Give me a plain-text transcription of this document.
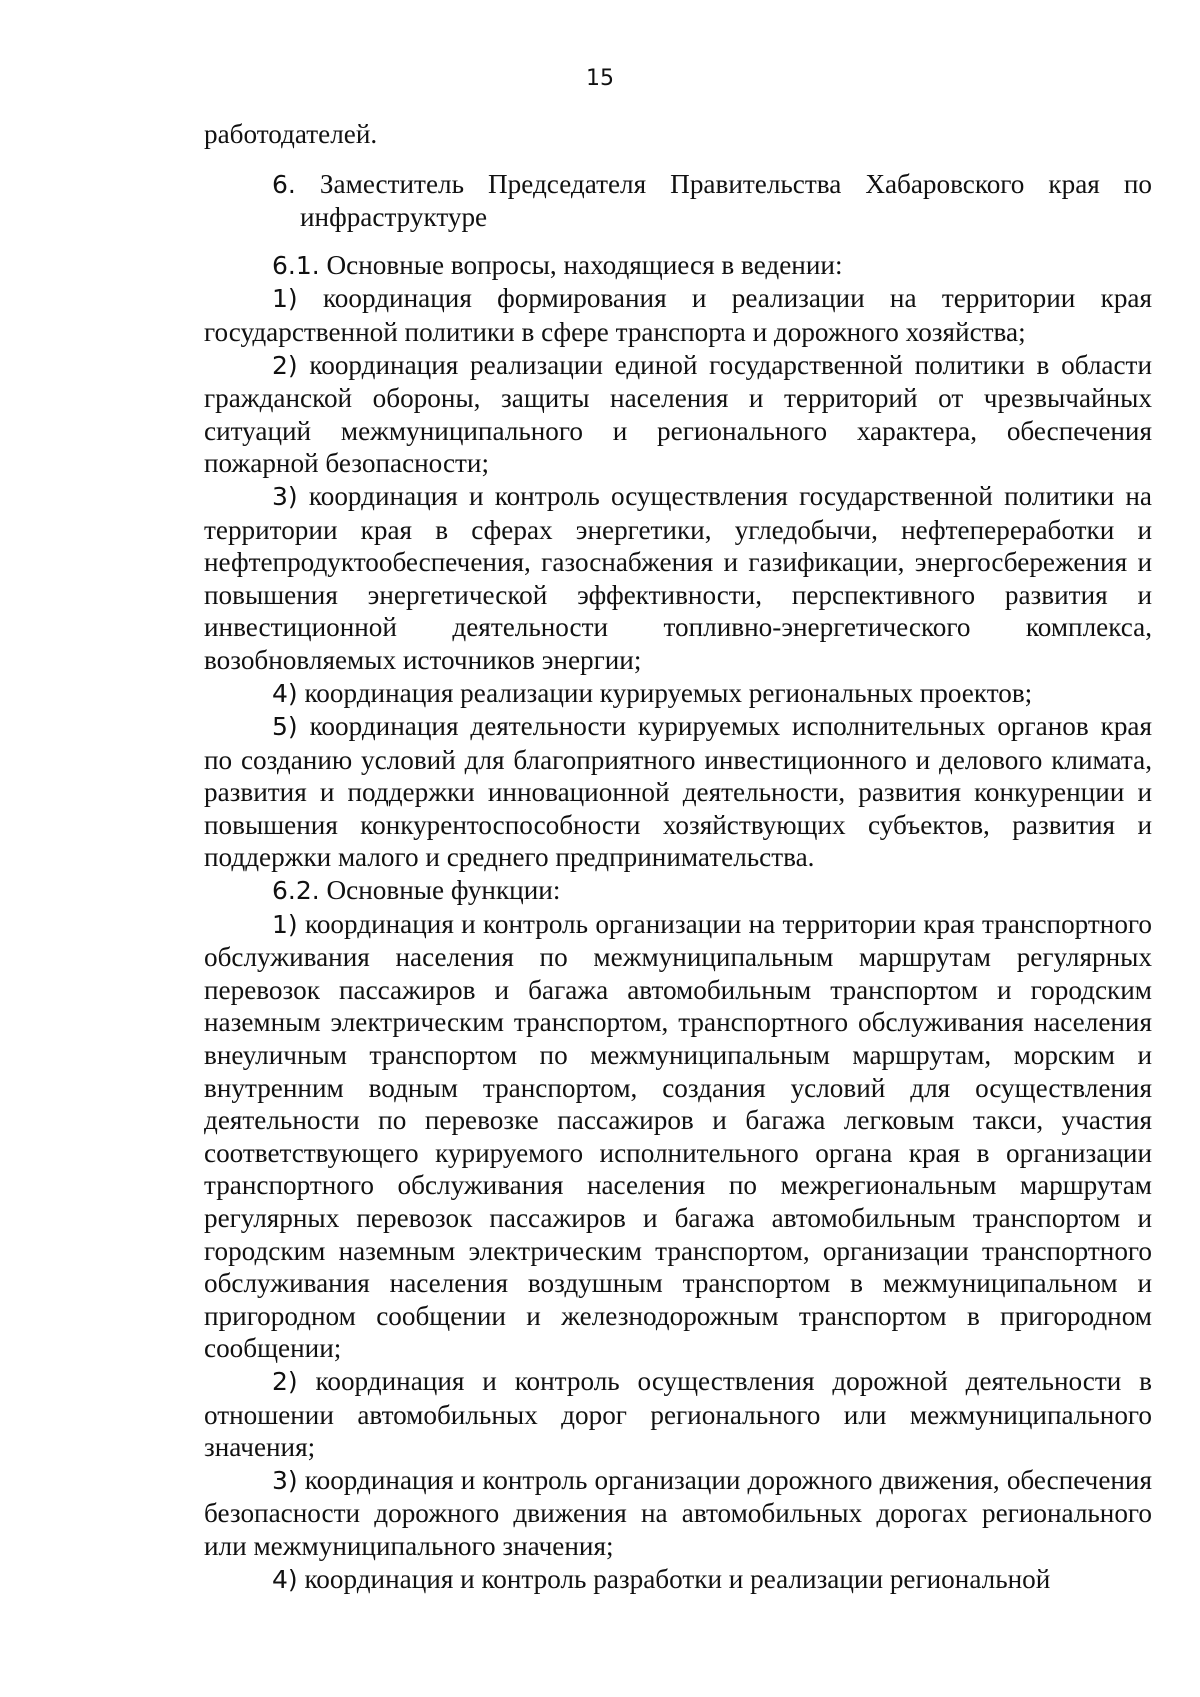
15

работодателей.

6. Заместитель Председателя Правительства Хабаровского края по инфраструктуре

6.1. Основные вопросы, находящиеся в ведении:

1) координация формирования и реализации на территории края государственной политики в сфере транспорта и дорожного хозяйства;

2) координация реализации единой государственной политики в области гражданской обороны, защиты населения и территорий от чрезвычайных ситуаций межмуниципального и регионального характера, обеспечения пожарной безопасности;

3) координация и контроль осуществления государственной политики на территории края в сферах энергетики, угледобычи, нефтепереработки и нефтепродуктообеспечения, газоснабжения и газификации, энергосбережения и повышения энергетической эффективности, перспективного развития и инвестиционной деятельности топливно-энергетического комплекса, возобновляемых источников энергии;

4) координация реализации курируемых региональных проектов;

5) координация деятельности курируемых исполнительных органов края по созданию условий для благоприятного инвестиционного и делового климата, развития и поддержки инновационной деятельности, развития конкуренции и повышения конкурентоспособности хозяйствующих субъектов, развития и поддержки малого и среднего предпринимательства.

6.2. Основные функции:

1) координация и контроль организации на территории края транспортного обслуживания населения по межмуниципальным маршрутам регулярных перевозок пассажиров и багажа автомобильным транспортом и городским наземным электрическим транспортом, транспортного обслуживания населения внеуличным транспортом по межмуниципальным маршрутам, морским и внутренним водным транспортом, создания условий для осуществления деятельности по перевозке пассажиров и багажа легковым такси, участия соответствующего курируемого исполнительного органа края в организации транспортного обслуживания населения по межрегиональным маршрутам регулярных перевозок пассажиров и багажа автомобильным транспортом и городским наземным электрическим транспортом, организации транспортного обслуживания населения воздушным транспортом в межмуниципальном и пригородном сообщении и железнодорожным транспортом в пригородном сообщении;

2) координация и контроль осуществления дорожной деятельности в отношении автомобильных дорог регионального или межмуниципального значения;

3) координация и контроль организации дорожного движения, обеспечения безопасности дорожного движения на автомобильных дорогах регионального или межмуниципального значения;

4) координация и контроль разработки и реализации региональной
